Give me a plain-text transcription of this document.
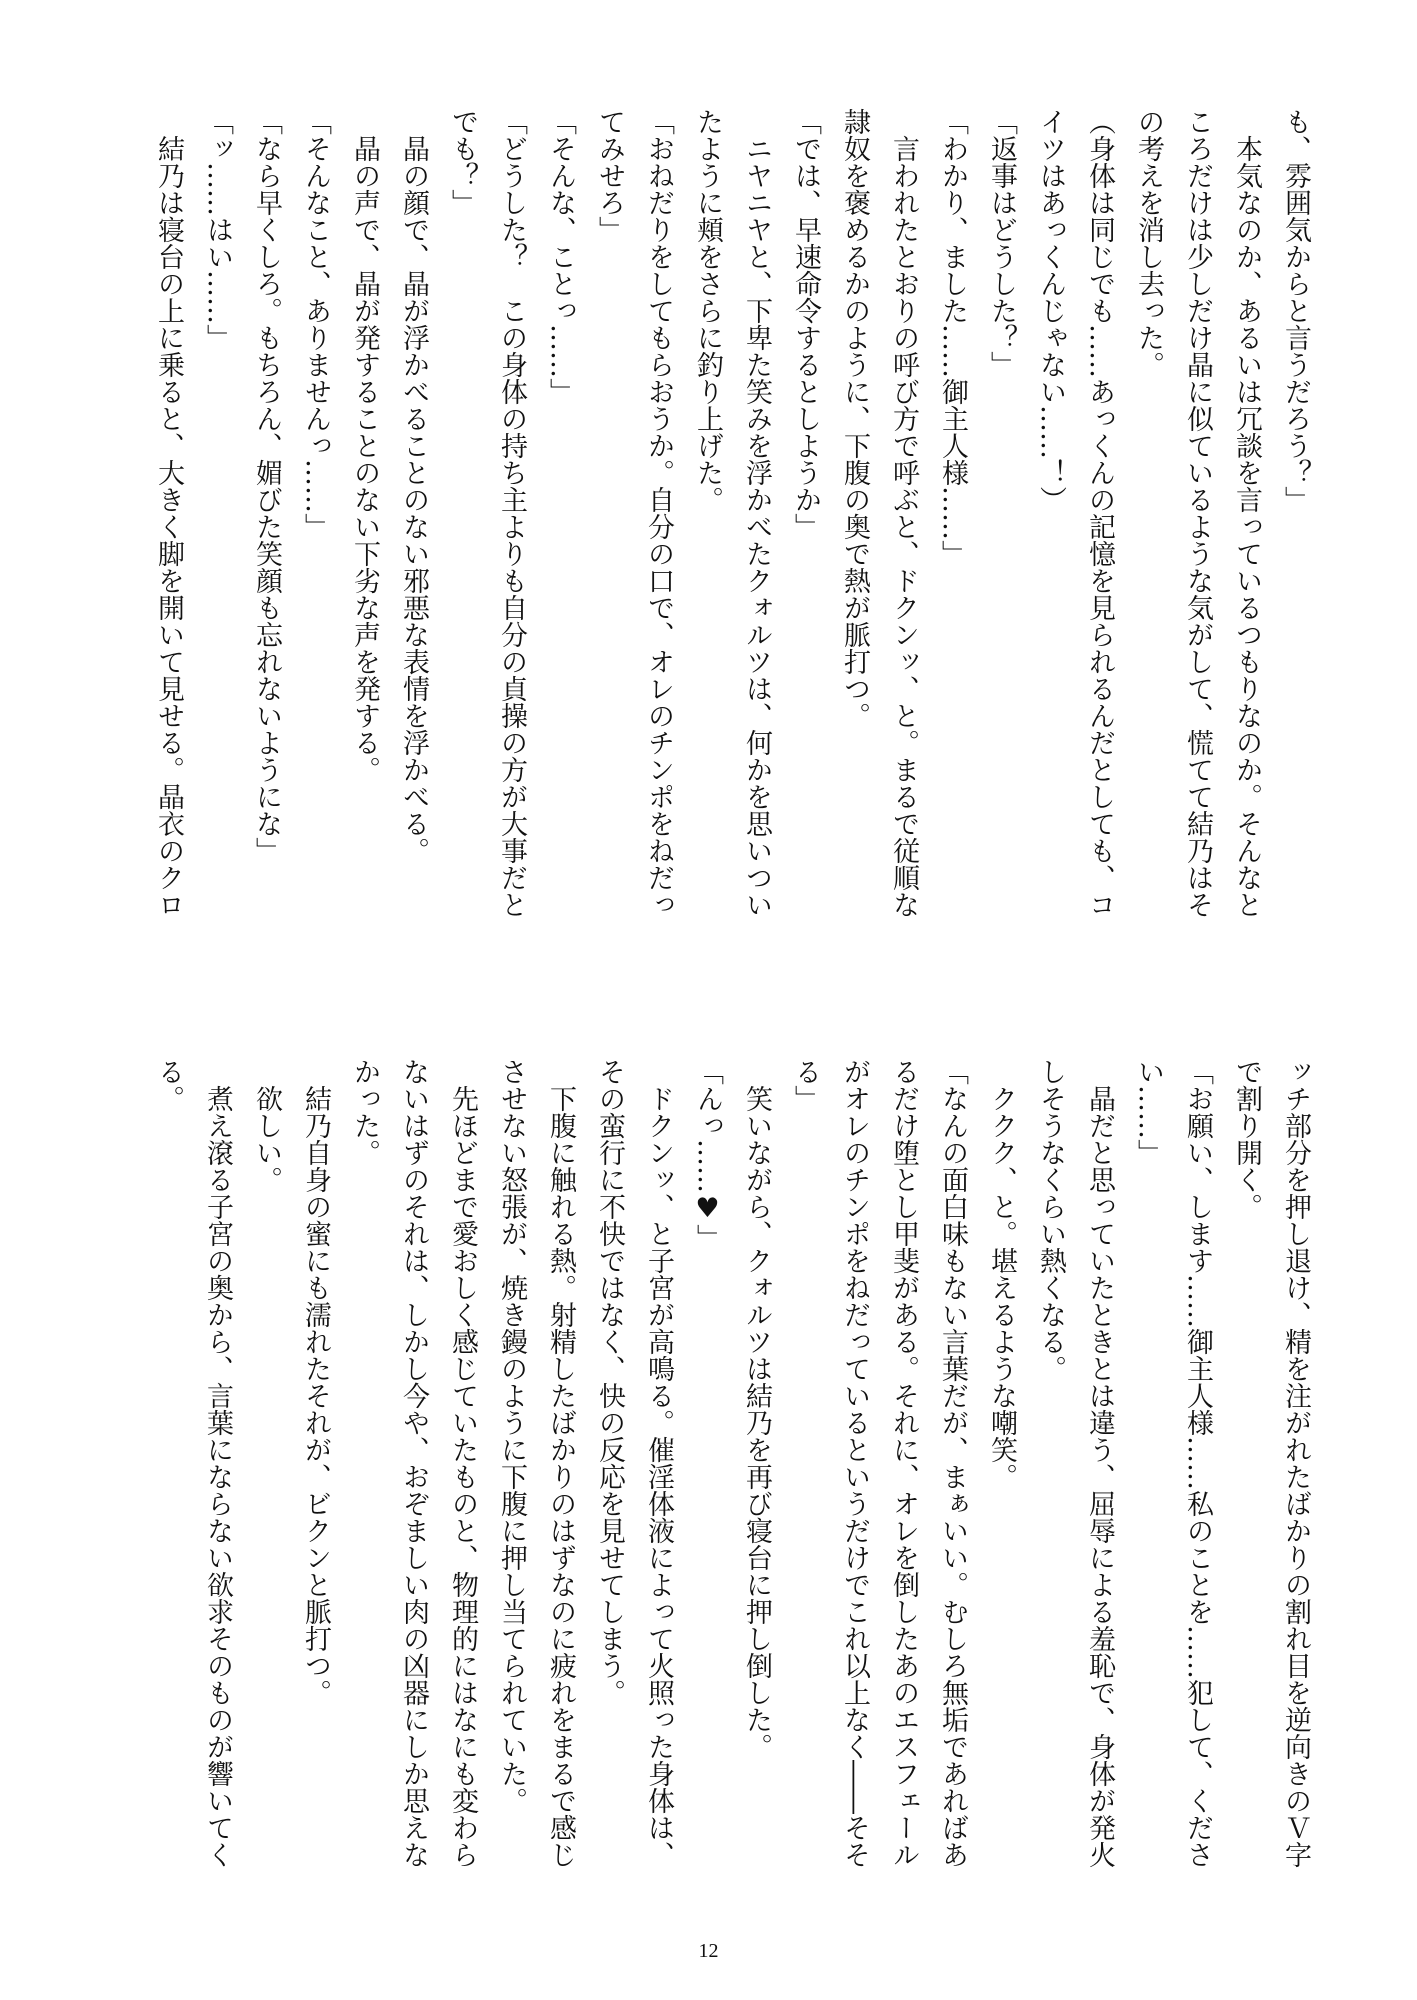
も、雰囲気からと言うだろう？」
　本気なのか、あるいは冗談を言っているつもりなのか。そんなと
ころだけは少しだけ晶に似ているような気がして、慌てて結乃はそ
の考えを消し去った。
（身体は同じでも……あっくんの記憶を見られるんだとしても、コ
イツはあっくんじゃない……！）
「返事はどうした？」
「わかり、ました……御主人様……」
　言われたとおりの呼び方で呼ぶと、ドクンッ、と。まるで従順な
隷奴を褒めるかのように、下腹の奥で熱が脈打つ。
「では、早速命令するとしようか」
　ニヤニヤと、下卑た笑みを浮かべたクォルツは、何かを思いつい
たように頬をさらに釣り上げた。
「おねだりをしてもらおうか。自分の口で、オレのチンポをねだっ
てみせろ」
「そんな、ことっ……」
「どうした？　この身体の持ち主よりも自分の貞操の方が大事だと
でも？」
　晶の顔で、晶が浮かべることのない邪悪な表情を浮かべる。
　晶の声で、晶が発することのない下劣な声を発する。
「そんなこと、ありませんっ……」
「なら早くしろ。もちろん、媚びた笑顔も忘れないようにな」
「ッ……はい……」
　結乃は寝台の上に乗ると、大きく脚を開いて見せる。晶衣のクロ
ッチ部分を押し退け、精を注がれたばかりの割れ目を逆向きのＶ字
で割り開く。
「お願い、します……御主人様……私のことを……犯して、くださ
い……」
　晶だと思っていたときとは違う、屈辱による羞恥で、身体が発火
しそうなくらい熱くなる。
　ククク、と。堪えるような嘲笑。
「なんの面白味もない言葉だが、まぁいい。むしろ無垢であればあ
るだけ堕とし甲斐がある。それに、オレを倒したあのエスフェール
がオレのチンポをねだっているというだけでこれ以上なく――そそ
る」
　笑いながら、クォルツは結乃を再び寝台に押し倒した。
「んっ……♥」
　ドクンッ、と子宮が高鳴る。催淫体液によって火照った身体は、
その蛮行に不快ではなく、快の反応を見せてしまう。
　下腹に触れる熱。射精したばかりのはずなのに疲れをまるで感じ
させない怒張が、焼き鏝のように下腹に押し当てられていた。
　先ほどまで愛おしく感じていたものと、物理的にはなにも変わら
ないはずのそれは、しかし今や、おぞましい肉の凶器にしか思えな
かった。
　結乃自身の蜜にも濡れたそれが、ビクンと脈打つ。
　欲しい。
　煮え滾る子宮の奥から、言葉にならない欲求そのものが響いてく
る。
12
